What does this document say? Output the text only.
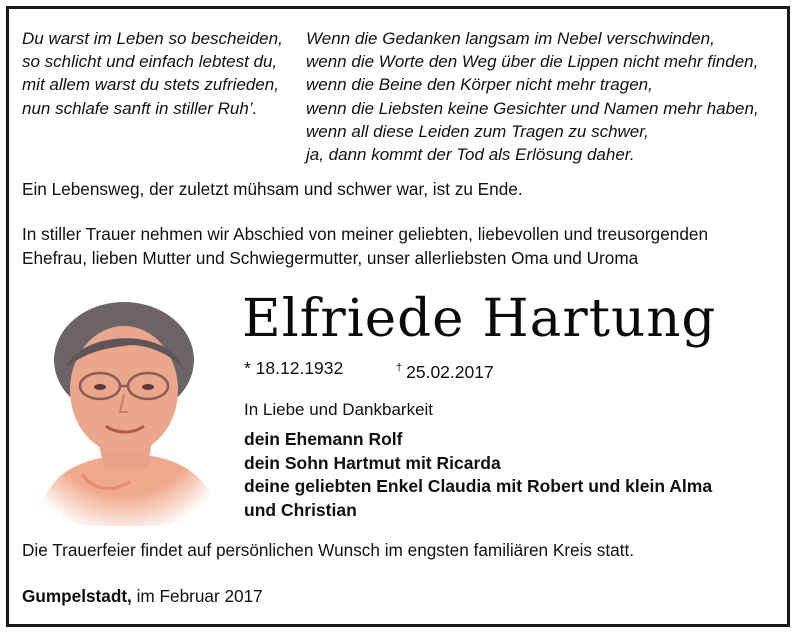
Du warst im Leben so bescheiden,
so schlicht und einfach lebtest du,
mit allem warst du stets zufrieden,
nun schlafe sanft in stiller Ruh’.
Wenn die Gedanken langsam im Nebel verschwinden,
wenn die Worte den Weg über die Lippen nicht mehr finden,
wenn die Beine den Körper nicht mehr tragen,
wenn die Liebsten keine Gesichter und Namen mehr haben,
wenn all diese Leiden zum Tragen zu schwer,
ja, dann kommt der Tod als Erlösung daher.
Ein Lebensweg, der zuletzt mühsam und schwer war, ist zu Ende.
In stiller Trauer nehmen wir Abschied von meiner geliebten, liebevollen und treusorgenden Ehefrau, lieben Mutter und Schwiegermutter, unser allerliebsten Oma und Uroma
Elfriede Hartung
* 18.12.1932	† 25.02.2017
In Liebe und Dankbarkeit
dein Ehemann Rolf
dein Sohn Hartmut mit Ricarda
deine geliebten Enkel Claudia mit Robert und klein Alma
und Christian
Die Trauerfeier findet auf persönlichen Wunsch im engsten familiären Kreis statt.
Gumpelstadt, im Februar 2017
